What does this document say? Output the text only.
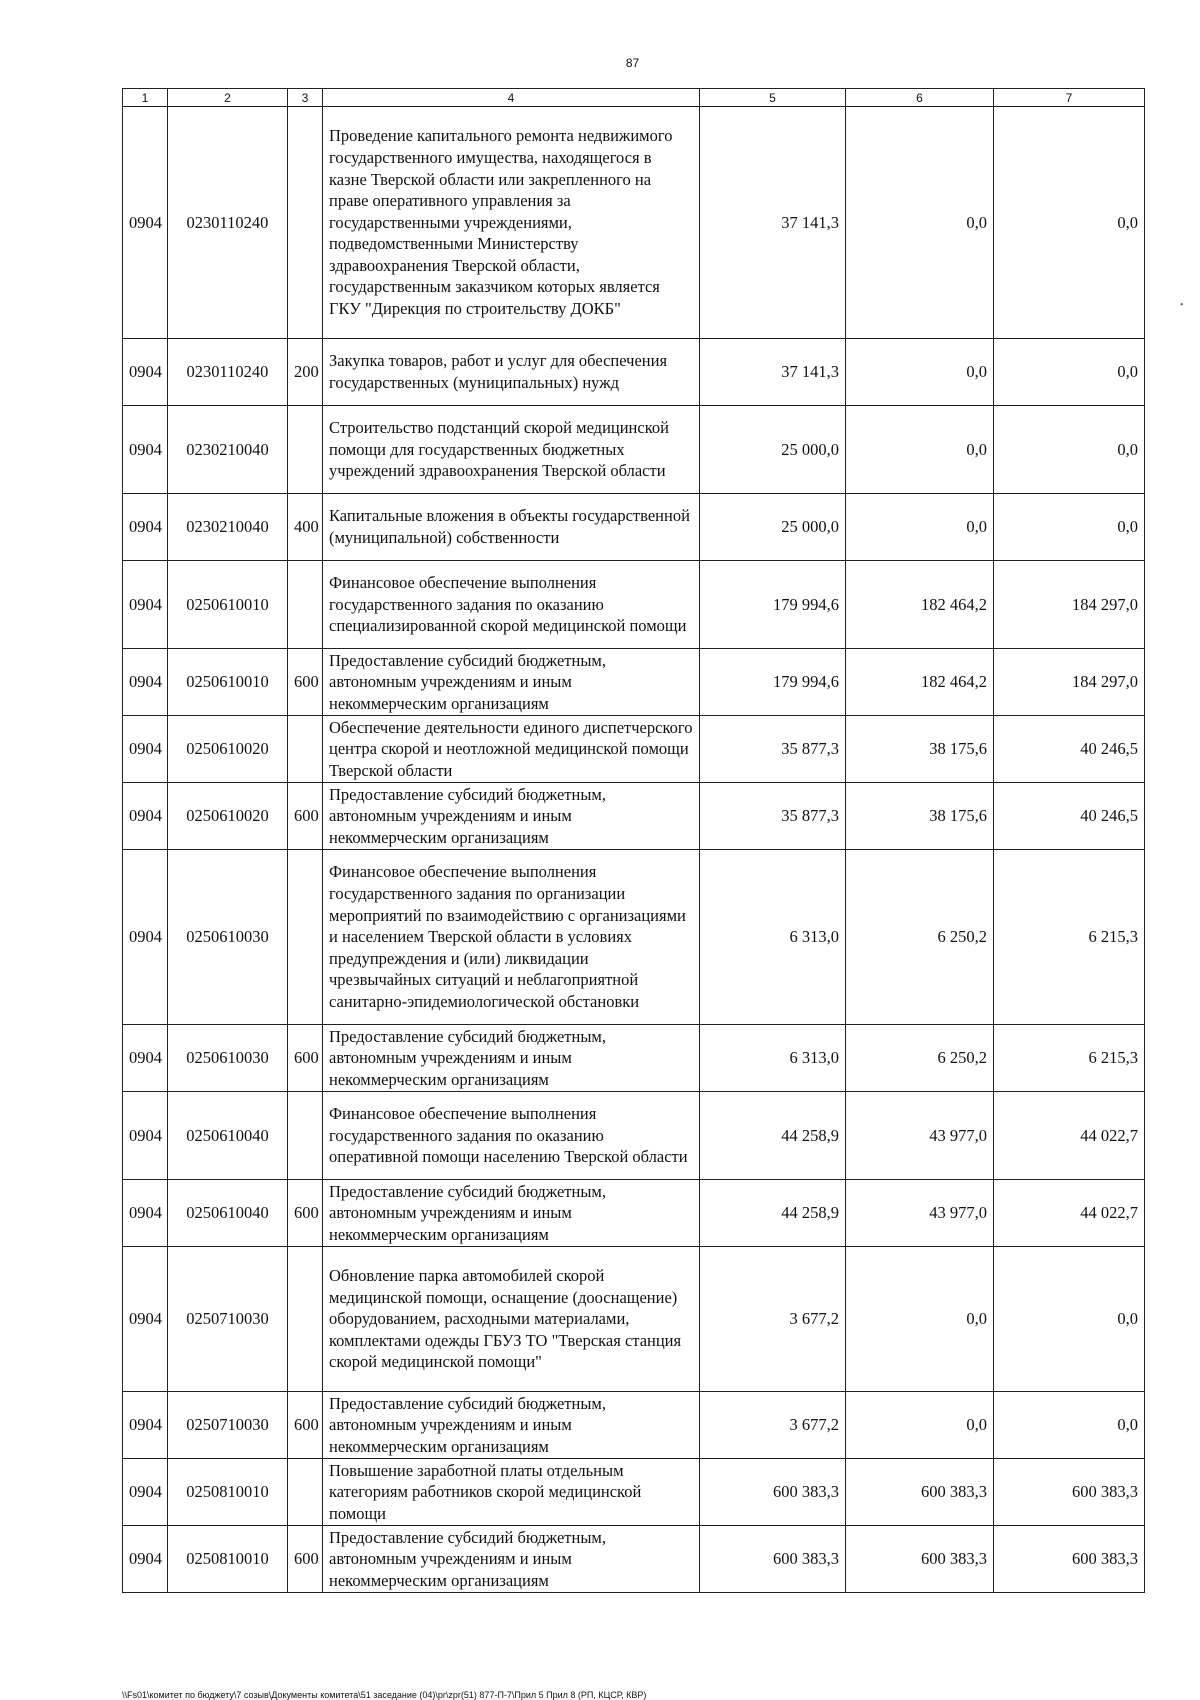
87
1	2	3	4	5	6	7
0904	0230110240		Проведение капитального ремонта недвижимого государственного имущества, находящегося в казне Тверской области или закрепленного на праве оперативного управления за государственными учреждениями, подведомственными Министерству здравоохранения Тверской области, государственным заказчиком которых является ГКУ "Дирекция по строительству ДОКБ"	37 141,3	0,0	0,0
0904	0230110240	200	Закупка товаров, работ и услуг для обеспечения государственных (муниципальных) нужд	37 141,3	0,0	0,0
0904	0230210040		Строительство подстанций скорой медицинской помощи для государственных бюджетных учреждений здравоохранения Тверской области	25 000,0	0,0	0,0
0904	0230210040	400	Капитальные вложения в объекты государственной (муниципальной) собственности	25 000,0	0,0	0,0
0904	0250610010		Финансовое обеспечение выполнения государственного задания по оказанию специализированной скорой медицинской помощи	179 994,6	182 464,2	184 297,0
0904	0250610010	600	Предоставление субсидий бюджетным, автономным учреждениям и иным некоммерческим организациям	179 994,6	182 464,2	184 297,0
0904	0250610020		Обеспечение деятельности единого диспетчерского центра скорой и неотложной медицинской помощи Тверской области	35 877,3	38 175,6	40 246,5
0904	0250610020	600	Предоставление субсидий бюджетным, автономным учреждениям и иным некоммерческим организациям	35 877,3	38 175,6	40 246,5
0904	0250610030		Финансовое обеспечение выполнения государственного задания по организации мероприятий по взаимодействию с организациями и населением Тверской области в условиях предупреждения и (или) ликвидации чрезвычайных ситуаций и неблагоприятной санитарно-эпидемиологической обстановки	6 313,0	6 250,2	6 215,3
0904	0250610030	600	Предоставление субсидий бюджетным, автономным учреждениям и иным некоммерческим организациям	6 313,0	6 250,2	6 215,3
0904	0250610040		Финансовое обеспечение выполнения государственного задания по оказанию оперативной помощи населению Тверской области	44 258,9	43 977,0	44 022,7
0904	0250610040	600	Предоставление субсидий бюджетным, автономным учреждениям и иным некоммерческим организациям	44 258,9	43 977,0	44 022,7
0904	0250710030		Обновление парка автомобилей скорой медицинской помощи, оснащение (дооснащение) оборудованием, расходными материалами, комплектами одежды ГБУЗ ТО "Тверская станция скорой медицинской помощи"	3 677,2	0,0	0,0
0904	0250710030	600	Предоставление субсидий бюджетным, автономным учреждениям и иным некоммерческим организациям	3 677,2	0,0	0,0
0904	0250810010		Повышение заработной платы отдельным категориям работников скорой медицинской помощи	600 383,3	600 383,3	600 383,3
0904	0250810010	600	Предоставление субсидий бюджетным, автономным учреждениям и иным некоммерческим организациям	600 383,3	600 383,3	600 383,3
\\Fs01\комитет по бюджету\7 созыв\Документы комитета\51 заседание (04)\pr\zpr(51) 877-П-7\Прил 5 Прил 8 (РП, КЦСР, КВР)
•
